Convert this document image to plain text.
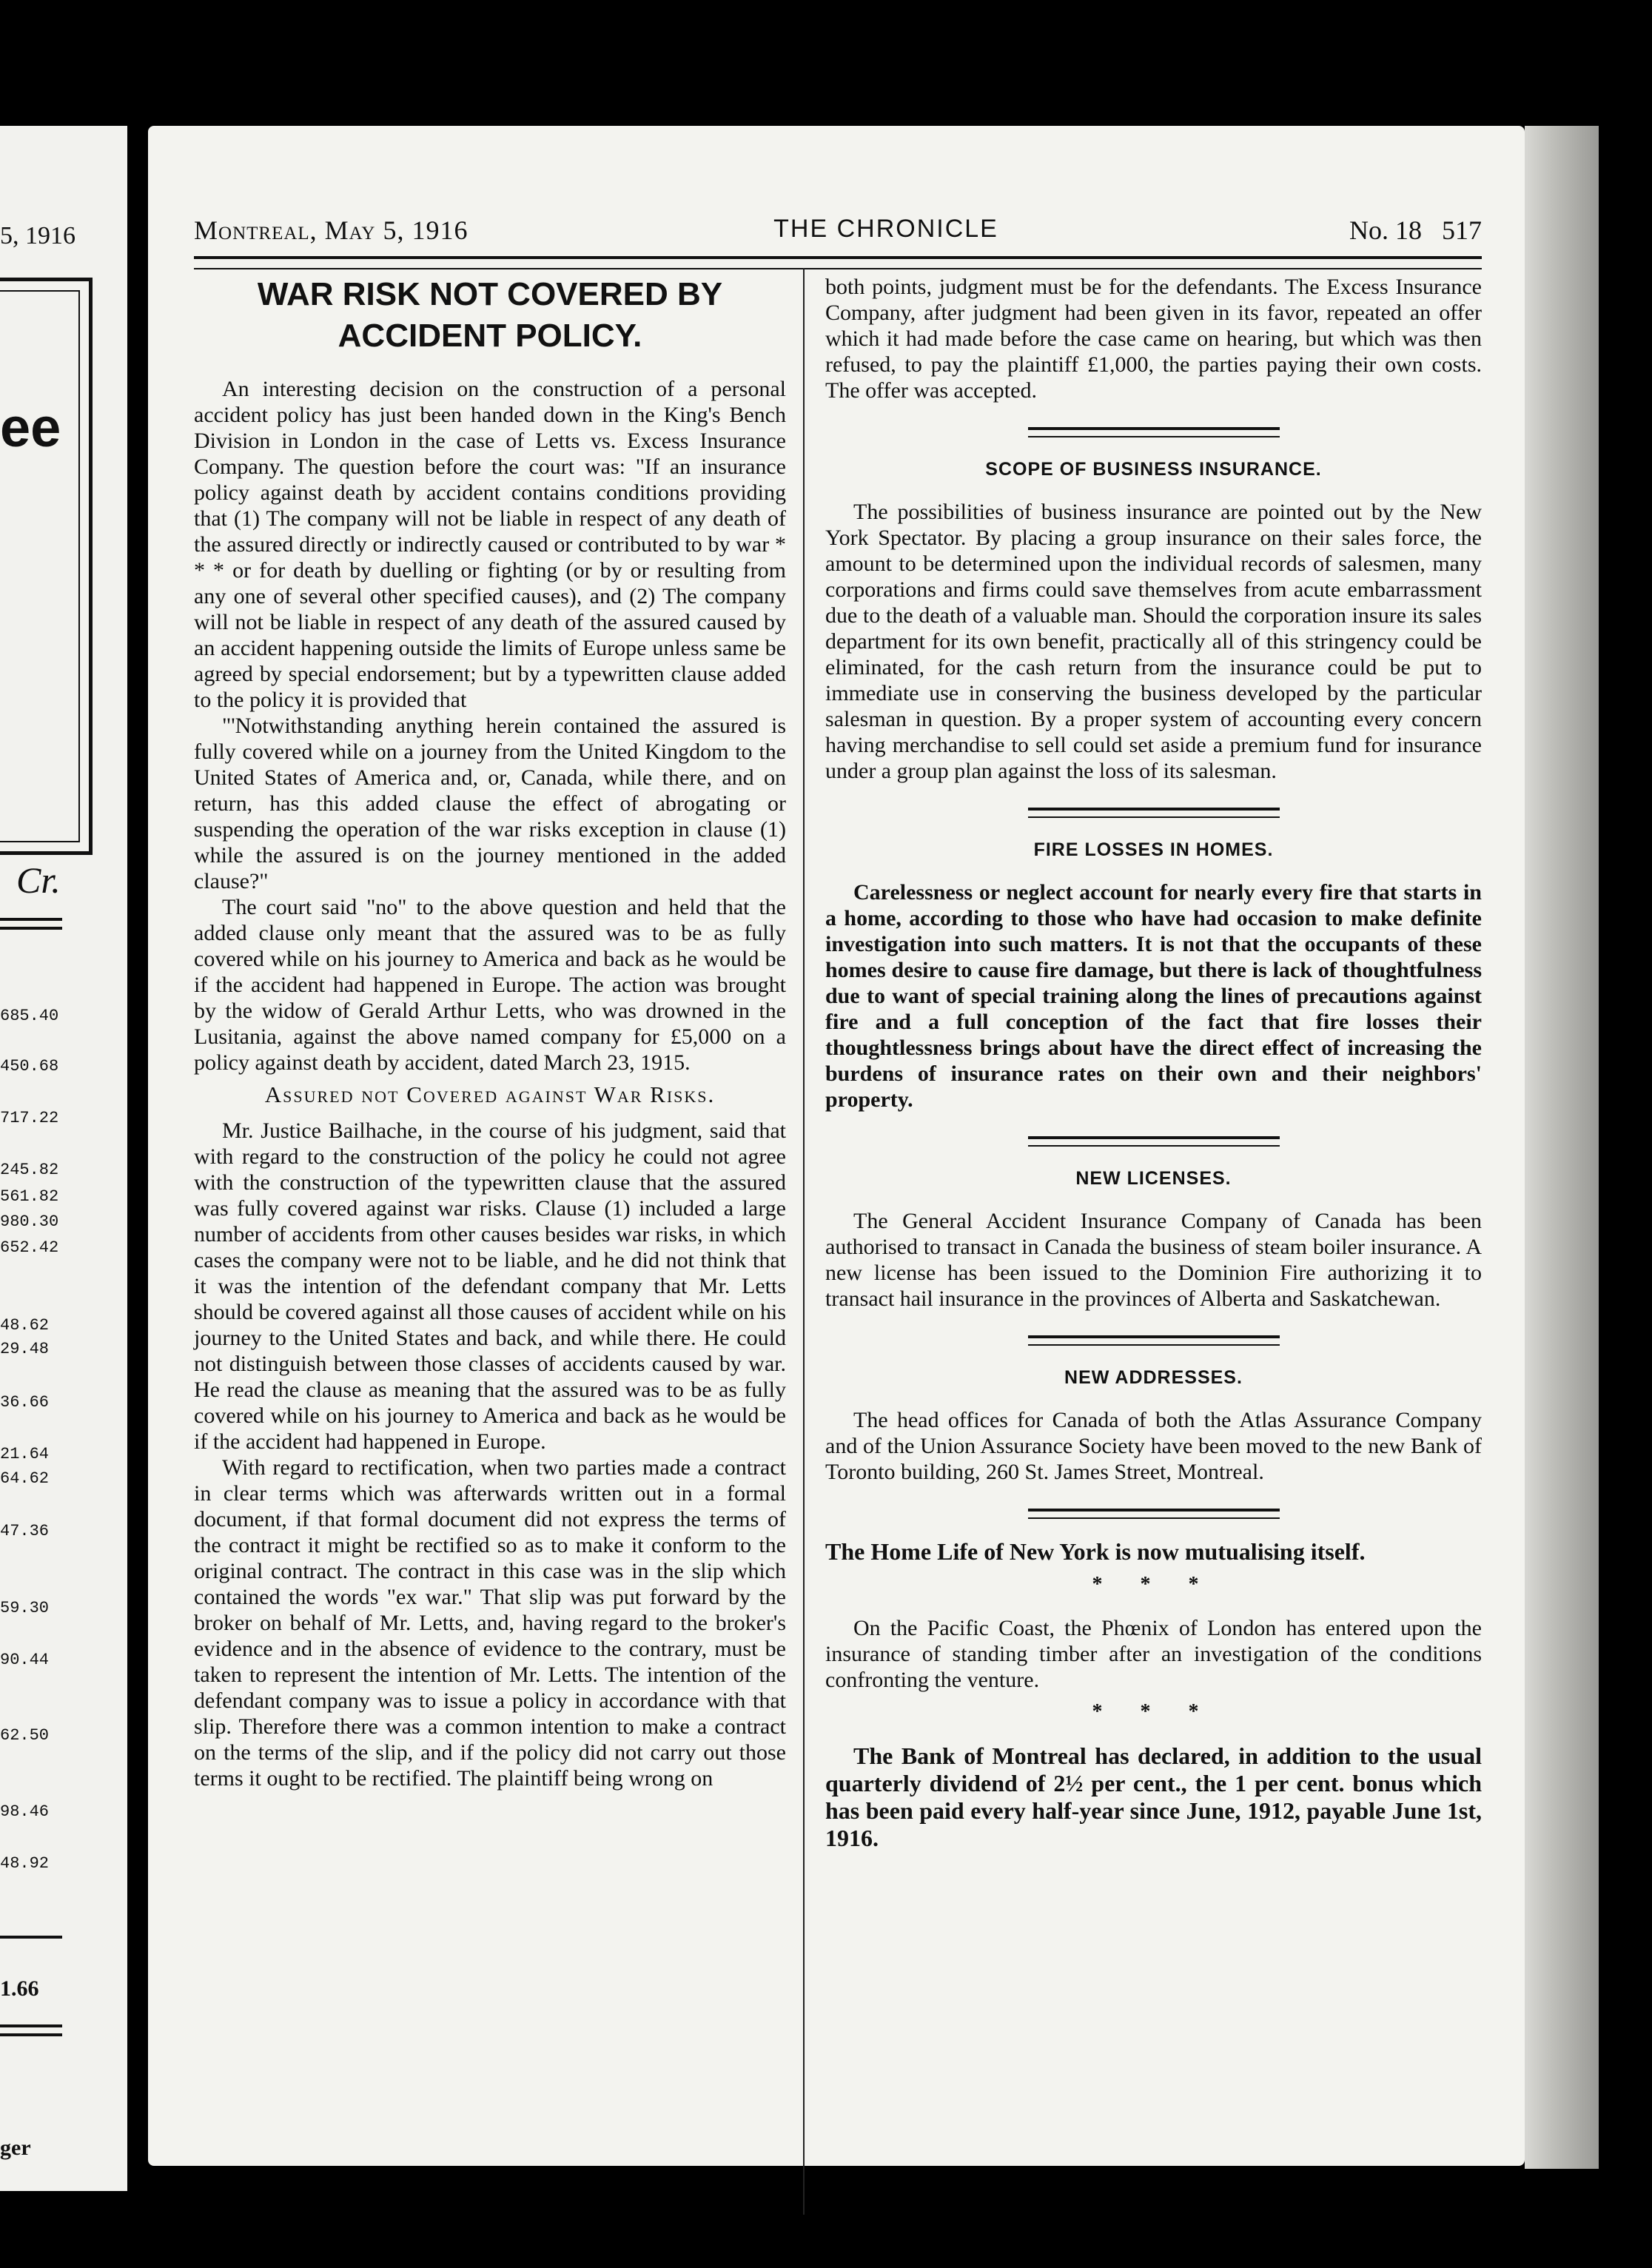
5, 1916
ee
Cr.
685.40
450.68
717.22
245.82
561.82
980.30
652.42
48.62
29.48
36.66
21.64
64.62
47.36
59.30
90.44
62.50
98.46
48.92
1.66
ger
Montreal, May 5, 1916	THE CHRONICLE	No. 18 517
WAR RISK NOT COVERED BY
ACCIDENT POLICY.

An interesting decision on the construction of a personal accident policy has just been handed down in the King's Bench Division in London in the case of Letts vs. Excess Insurance Company. The question before the court was: "If an insurance policy against death by accident contains conditions providing that (1) The company will not be liable in respect of any death of the assured directly or indirectly caused or contributed to by war * * * or for death by duelling or fighting (or by or resulting from any one of several other specified causes), and (2) The company will not be liable in respect of any death of the assured caused by an accident happening outside the limits of Europe unless same be agreed by special endorsement; but by a typewritten clause added to the policy it is provided that

"'Notwithstanding anything herein contained the assured is fully covered while on a journey from the United Kingdom to the United States of America and, or, Canada, while there, and on return, has this added clause the effect of abrogating or suspending the operation of the war risks exception in clause (1) while the assured is on the journey mentioned in the added clause?"

The court said "no" to the above question and held that the added clause only meant that the assured was to be as fully covered while on his journey to America and back as he would be if the accident had happened in Europe. The action was brought by the widow of Gerald Arthur Letts, who was drowned in the Lusitania, against the above named company for £5,000 on a policy against death by accident, dated March 23, 1915.

Assured not Covered against War Risks.

Mr. Justice Bailhache, in the course of his judgment, said that with regard to the construction of the policy he could not agree with the construction of the typewritten clause that the assured was fully covered against war risks. Clause (1) included a large number of accidents from other causes besides war risks, in which cases the company were not to be liable, and he did not think that it was the intention of the defendant company that Mr. Letts should be covered against all those causes of accident while on his journey to the United States and back, and while there. He could not distinguish between those classes of accidents caused by war. He read the clause as meaning that the assured was to be as fully covered while on his journey to America and back as he would be if the accident had happened in Europe.

With regard to rectification, when two parties made a contract in clear terms which was afterwards written out in a formal document, if that formal document did not express the terms of the contract it might be rectified so as to make it conform to the original contract. The contract in this case was in the slip which contained the words "ex war." That slip was put forward by the broker on behalf of Mr. Letts, and, having regard to the broker's evidence and in the absence of evidence to the contrary, must be taken to represent the intention of Mr. Letts. The intention of the defendant company was to issue a policy in accordance with that slip. Therefore there was a common intention to make a contract on the terms of the slip, and if the policy did not carry out those terms it ought to be rectified. The plaintiff being wrong on

both points, judgment must be for the defendants. The Excess Insurance Company, after judgment had been given in its favor, repeated an offer which it had made before the case came on hearing, but which was then refused, to pay the plaintiff £1,000, the parties paying their own costs. The offer was accepted.

SCOPE OF BUSINESS INSURANCE.

The possibilities of business insurance are pointed out by the New York Spectator. By placing a group insurance on their sales force, the amount to be determined upon the individual records of salesmen, many corporations and firms could save themselves from acute embarrassment due to the death of a valuable man. Should the corporation insure its sales department for its own benefit, practically all of this stringency could be eliminated, for the cash return from the insurance could be put to immediate use in conserving the business developed by the particular salesman in question. By a proper system of accounting every concern having merchandise to sell could set aside a premium fund for insurance under a group plan against the loss of its salesman.

FIRE LOSSES IN HOMES.

Carelessness or neglect account for nearly every fire that starts in a home, according to those who have had occasion to make definite investigation into such matters. It is not that the occupants of these homes desire to cause fire damage, but there is lack of thoughtfulness due to want of special training along the lines of precautions against fire and a full conception of the fact that fire losses their thoughtlessness brings about have the direct effect of increasing the burdens of insurance rates on their own and their neighbors' property.

NEW LICENSES.

The General Accident Insurance Company of Canada has been authorised to transact in Canada the business of steam boiler insurance. A new license has been issued to the Dominion Fire authorizing it to transact hail insurance in the provinces of Alberta and Saskatchewan.

NEW ADDRESSES.

The head offices for Canada of both the Atlas Assurance Company and of the Union Assurance Society have been moved to the new Bank of Toronto building, 260 St. James Street, Montreal.

The Home Life of New York is now mutualising itself.

* * *

On the Pacific Coast, the Phœnix of London has entered upon the insurance of standing timber after an investigation of the conditions confronting the venture.

* * *

The Bank of Montreal has declared, in addition to the usual quarterly dividend of 2½ per cent., the 1 per cent. bonus which has been paid every half-year since June, 1912, payable June 1st, 1916.
